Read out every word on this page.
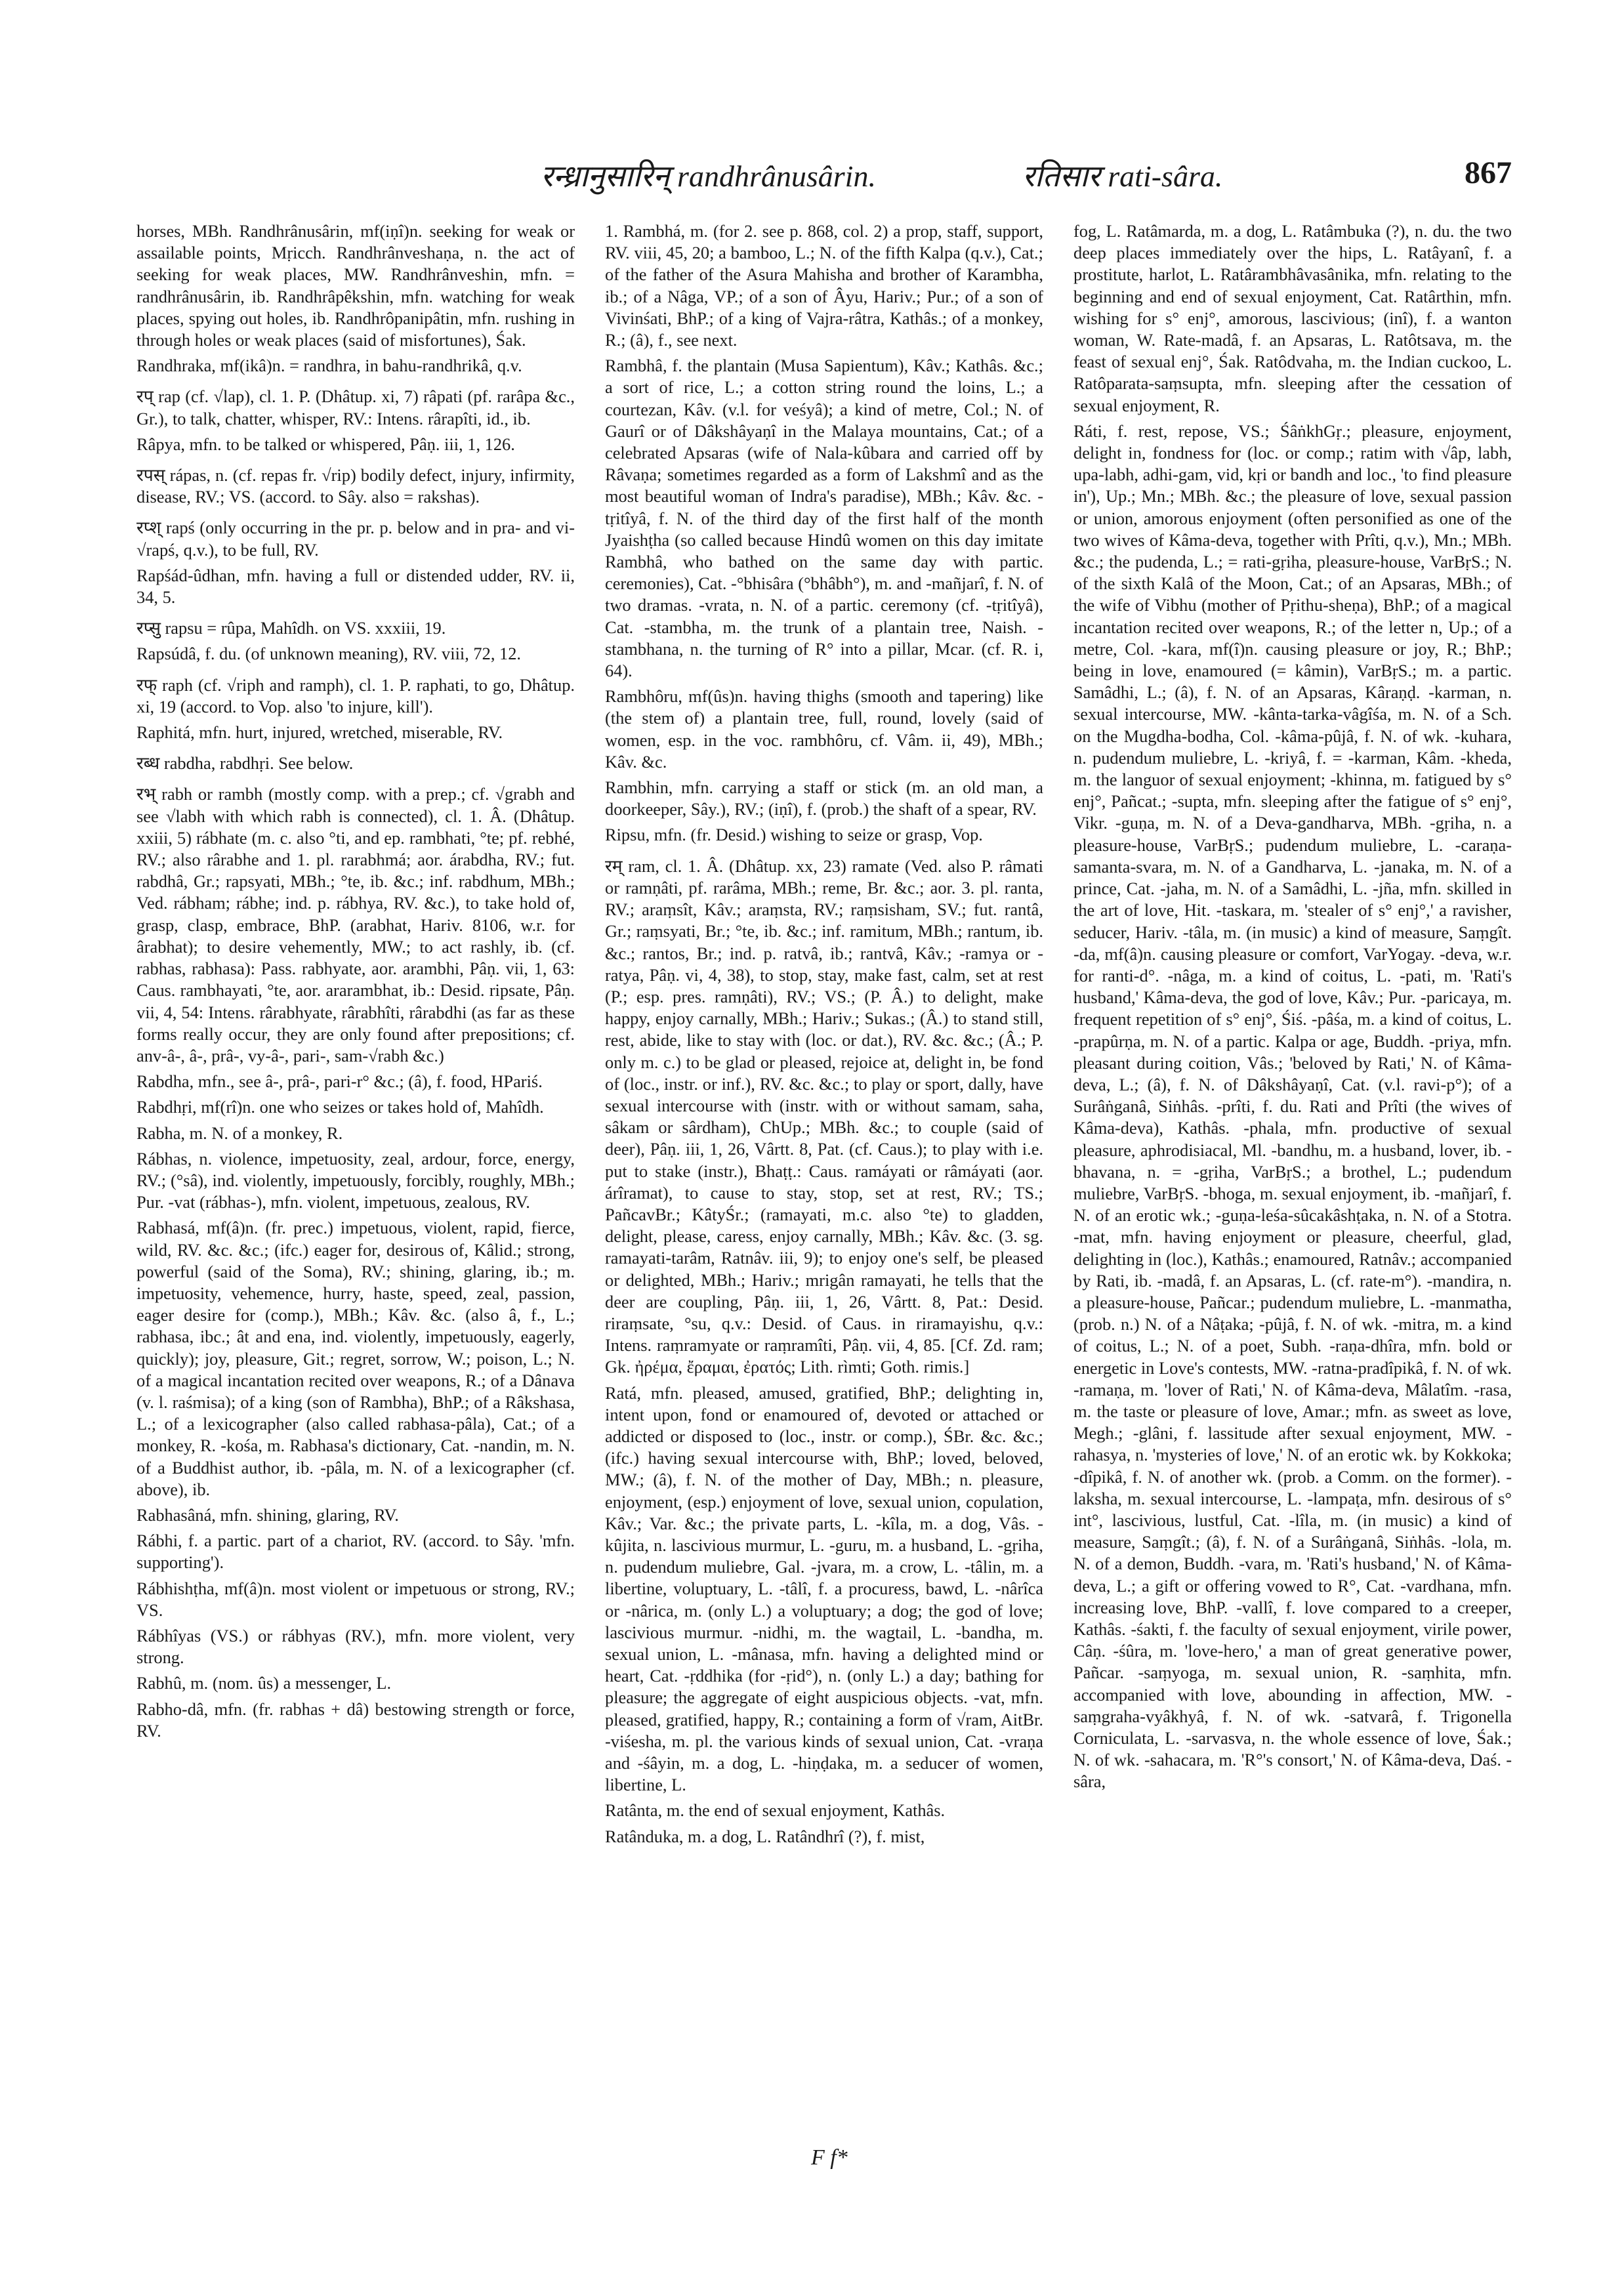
रन्ध्रानुसारिन् randhrânusârin.	रतिसार rati-sâra.	867

horses, MBh. Randhrânusârin, mf(iṇî)n. seeking for weak or assailable points, Mṛicch. Randhrânveshaṇa, n. the act of seeking for weak places, MW. Randhrânveshin, mfn. = randhrânusârin, ib. Randhrâpêkshin, mfn. watching for weak places, spying out holes, ib. Randhrôpanipâtin, mfn. rushing in through holes or weak places (said of misfortunes), Śak.

Randhraka, mf(ikâ)n. = randhra, in bahu-randhrikâ, q.v.

रप् rap (cf. √lap), cl. 1. P. (Dhâtup. xi, 7) râpati (pf. rarâpa &c., Gr.), to talk, chatter, whisper, RV.: Intens. rârapîti, id., ib.

Râpya, mfn. to be talked or whispered, Pâṇ. iii, 1, 126.

रपस् rápas, n. (cf. repas fr. √rip) bodily defect, injury, infirmity, disease, RV.; VS. (accord. to Sây. also = rakshas).

रप्श् rapś (only occurring in the pr. p. below and in pra- and vi-√rapś, q.v.), to be full, RV.

Rapśád-ûdhan, mfn. having a full or distended udder, RV. ii, 34, 5.

रप्सु rapsu = rûpa, Mahîdh. on VS. xxxiii, 19.

Rapsúdâ, f. du. (of unknown meaning), RV. viii, 72, 12.

रफ् raph (cf. √riph and ramph), cl. 1. P. raphati, to go, Dhâtup. xi, 19 (accord. to Vop. also 'to injure, kill').

Raphitá, mfn. hurt, injured, wretched, miserable, RV.

रब्ध rabdha, rabdhṛi. See below.

रभ् rabh or rambh (mostly comp. with a prep.; cf. √grabh and see √labh with which rabh is connected), cl. 1. Â. (Dhâtup. xxiii, 5) rábhate (m. c. also °ti, and ep. rambhati, °te; pf. rebhé, RV.; also rârabhe and 1. pl. rarabhmá; aor. árabdha, RV.; fut. rabdhâ, Gr.; rapsyati, MBh.; °te, ib. &c.; inf. rabdhum, MBh.; Ved. rábham; rábhe; ind. p. rábhya, RV. &c.), to take hold of, grasp, clasp, embrace, BhP. (arabhat, Hariv. 8106, w.r. for ârabhat); to desire vehemently, MW.; to act rashly, ib. (cf. rabhas, rabhasa): Pass. rabhyate, aor. arambhi, Pâṇ. vii, 1, 63: Caus. rambhayati, °te, aor. ararambhat, ib.: Desid. ripsate, Pâṇ. vii, 4, 54: Intens. rârabhyate, rârabhîti, rârabdhi (as far as these forms really occur, they are only found after prepositions; cf. anv-â-, â-, prâ-, vy-â-, pari-, sam-√rabh &c.)

Rabdha, mfn., see â-, prâ-, pari-r° &c.; (â), f. food, HPariś.

Rabdhṛi, mf(rî)n. one who seizes or takes hold of, Mahîdh.

Rabha, m. N. of a monkey, R.

Rábhas, n. violence, impetuosity, zeal, ardour, force, energy, RV.; (°sâ), ind. violently, impetuously, forcibly, roughly, MBh.; Pur. -vat (rábhas-), mfn. violent, impetuous, zealous, RV.

Rabhasá, mf(â)n. (fr. prec.) impetuous, violent, rapid, fierce, wild, RV. &c. &c.; (ifc.) eager for, desirous of, Kâlid.; strong, powerful (said of the Soma), RV.; shining, glaring, ib.; m. impetuosity, vehemence, hurry, haste, speed, zeal, passion, eager desire for (comp.), MBh.; Kâv. &c. (also â, f., L.; rabhasa, ibc.; ât and ena, ind. violently, impetuously, eagerly, quickly); joy, pleasure, Git.; regret, sorrow, W.; poison, L.; N. of a magical incantation recited over weapons, R.; of a Dânava (v. l. raśmisa); of a king (son of Rambha), BhP.; of a Râkshasa, L.; of a lexicographer (also called rabhasa-pâla), Cat.; of a monkey, R. -kośa, m. Rabhasa's dictionary, Cat. -nandin, m. N. of a Buddhist author, ib. -pâla, m. N. of a lexicographer (cf. above), ib.

Rabhasâná, mfn. shining, glaring, RV.

Rábhi, f. a partic. part of a chariot, RV. (accord. to Sây. 'mfn. supporting').

Rábhishṭha, mf(â)n. most violent or impetuous or strong, RV.; VS.

Rábhîyas (VS.) or rábhyas (RV.), mfn. more violent, very strong.

Rabhû, m. (nom. ûs) a messenger, L.

Rabho-dâ, mfn. (fr. rabhas + dâ) bestowing strength or force, RV.

1. Rambhá, m. (for 2. see p. 868, col. 2) a prop, staff, support, RV. viii, 45, 20; a bamboo, L.; N. of the fifth Kalpa (q.v.), Cat.; of the father of the Asura Mahisha and brother of Karambha, ib.; of a Nâga, VP.; of a son of Âyu, Hariv.; Pur.; of a son of Vivinśati, BhP.; of a king of Vajra-râtra, Kathâs.; of a monkey, R.; (â), f., see next.

Rambhâ, f. the plantain (Musa Sapientum), Kâv.; Kathâs. &c.; a sort of rice, L.; a cotton string round the loins, L.; a courtezan, Kâv. (v.l. for veśyâ); a kind of metre, Col.; N. of Gaurî or of Dâkshâyaṇî in the Malaya mountains, Cat.; of a celebrated Apsaras (wife of Nala-kûbara and carried off by Râvaṇa; sometimes regarded as a form of Lakshmî and as the most beautiful woman of Indra's paradise), MBh.; Kâv. &c. -tṛitîyâ, f. N. of the third day of the first half of the month Jyaishṭha (so called because Hindû women on this day imitate Rambhâ, who bathed on the same day with partic. ceremonies), Cat. -°bhisâra (°bhâbh°), m. and -mañjarî, f. N. of two dramas. -vrata, n. N. of a partic. ceremony (cf. -tṛitîyâ), Cat. -stambha, m. the trunk of a plantain tree, Naish. -stambhana, n. the turning of R° into a pillar, Mcar. (cf. R. i, 64).

Rambhôru, mf(ûs)n. having thighs (smooth and tapering) like (the stem of) a plantain tree, full, round, lovely (said of women, esp. in the voc. rambhôru, cf. Vâm. ii, 49), MBh.; Kâv. &c.

Rambhin, mfn. carrying a staff or stick (m. an old man, a doorkeeper, Sây.), RV.; (iṇî), f. (prob.) the shaft of a spear, RV.

Ripsu, mfn. (fr. Desid.) wishing to seize or grasp, Vop.

रम् ram, cl. 1. Â. (Dhâtup. xx, 23) ramate (Ved. also P. râmati or ramṇâti, pf. rarâma, MBh.; reme, Br. &c.; aor. 3. pl. ranta, RV.; araṃsît, Kâv.; araṃsta, RV.; raṃsisham, SV.; fut. rantâ, Gr.; raṃsyati, Br.; °te, ib. &c.; inf. ramitum, MBh.; rantum, ib. &c.; rantos, Br.; ind. p. ratvâ, ib.; rantvâ, Kâv.; -ramya or -ratya, Pâṇ. vi, 4, 38), to stop, stay, make fast, calm, set at rest (P.; esp. pres. ramṇâti), RV.; VS.; (P. Â.) to delight, make happy, enjoy carnally, MBh.; Hariv.; Sukas.; (Â.) to stand still, rest, abide, like to stay with (loc. or dat.), RV. &c. &c.; (Â.; P. only m. c.) to be glad or pleased, rejoice at, delight in, be fond of (loc., instr. or inf.), RV. &c. &c.; to play or sport, dally, have sexual intercourse with (instr. with or without samam, saha, sâkam or sârdham), ChUp.; MBh. &c.; to couple (said of deer), Pâṇ. iii, 1, 26, Vârtt. 8, Pat. (cf. Caus.); to play with i.e. put to stake (instr.), Bhaṭṭ.: Caus. ramáyati or râmáyati (aor. árîramat), to cause to stay, stop, set at rest, RV.; TS.; PañcavBr.; KâtyŚr.; (ramayati, m.c. also °te) to gladden, delight, please, caress, enjoy carnally, MBh.; Kâv. &c. (3. sg. ramayati-tarâm, Ratnâv. iii, 9); to enjoy one's self, be pleased or delighted, MBh.; Hariv.; mrigân ramayati, he tells that the deer are coupling, Pâṇ. iii, 1, 26, Vârtt. 8, Pat.: Desid. riraṃsate, °su, q.v.: Desid. of Caus. in riramayishu, q.v.: Intens. raṃramyate or raṃramîti, Pâṇ. vii, 4, 85. [Cf. Zd. ram; Gk. ἠρέμα, ἔραμαι, ἐρατός; Lith. rìmti; Goth. rimis.]

Ratá, mfn. pleased, amused, gratified, BhP.; delighting in, intent upon, fond or enamoured of, devoted or attached or addicted or disposed to (loc., instr. or comp.), ŚBr. &c. &c.; (ifc.) having sexual intercourse with, BhP.; loved, beloved, MW.; (â), f. N. of the mother of Day, MBh.; n. pleasure, enjoyment, (esp.) enjoyment of love, sexual union, copulation, Kâv.; Var. &c.; the private parts, L. -kîla, m. a dog, Vâs. -kûjita, n. lascivious murmur, L. -guru, m. a husband, L. -gṛiha, n. pudendum muliebre, Gal. -jvara, m. a crow, L. -tâlin, m. a libertine, voluptuary, L. -tâlî, f. a procuress, bawd, L. -nârîca or -nârica, m. (only L.) a voluptuary; a dog; the god of love; lascivious murmur. -nidhi, m. the wagtail, L. -bandha, m. sexual union, L. -mânasa, mfn. having a delighted mind or heart, Cat. -ṛddhika (for -ṛid°), n. (only L.) a day; bathing for pleasure; the aggregate of eight auspicious objects. -vat, mfn. pleased, gratified, happy, R.; containing a form of √ram, AitBr. -viśesha, m. pl. the various kinds of sexual union, Cat. -vraṇa and -śâyin, m. a dog, L. -hiṇḍaka, m. a seducer of women, libertine, L.

Ratânta, m. the end of sexual enjoyment, Kathâs.

Ratânduka, m. a dog, L. Ratândhrî (?), f. mist,

fog, L. Ratâmarda, m. a dog, L. Ratâmbuka (?), n. du. the two deep places immediately over the hips, L. Ratâyanî, f. a prostitute, harlot, L. Ratârambhâvasânika, mfn. relating to the beginning and end of sexual enjoyment, Cat. Ratârthin, mfn. wishing for s° enj°, amorous, lascivious; (inî), f. a wanton woman, W. Rate-madâ, f. an Apsaras, L. Ratôtsava, m. the feast of sexual enj°, Śak. Ratôdvaha, m. the Indian cuckoo, L. Ratôparata-saṃsupta, mfn. sleeping after the cessation of sexual enjoyment, R.

Ráti, f. rest, repose, VS.; ŚâṅkhGṛ.; pleasure, enjoyment, delight in, fondness for (loc. or comp.; ratim with √âp, labh, upa-labh, adhi-gam, vid, kṛi or bandh and loc., 'to find pleasure in'), Up.; Mn.; MBh. &c.; the pleasure of love, sexual passion or union, amorous enjoyment (often personified as one of the two wives of Kâma-deva, together with Prîti, q.v.), Mn.; MBh. &c.; the pudenda, L.; = rati-gṛiha, pleasure-house, VarBṛS.; N. of the sixth Kalâ of the Moon, Cat.; of an Apsaras, MBh.; of the wife of Vibhu (mother of Pṛithu-sheṇa), BhP.; of a magical incantation recited over weapons, R.; of the letter n, Up.; of a metre, Col. -kara, mf(î)n. causing pleasure or joy, R.; BhP.; being in love, enamoured (= kâmin), VarBṛS.; m. a partic. Samâdhi, L.; (â), f. N. of an Apsaras, Kâraṇḍ. -karman, n. sexual intercourse, MW. -kânta-tarka-vâgîśa, m. N. of a Sch. on the Mugdha-bodha, Col. -kâma-pûjâ, f. N. of wk. -kuhara, n. pudendum muliebre, L. -kriyâ, f. = -karman, Kâm. -kheda, m. the languor of sexual enjoyment; -khinna, m. fatigued by s° enj°, Pañcat.; -supta, mfn. sleeping after the fatigue of s° enj°, Vikr. -guṇa, m. N. of a Deva-gandharva, MBh. -gṛiha, n. a pleasure-house, VarBṛS.; pudendum muliebre, L. -caraṇa-samanta-svara, m. N. of a Gandharva, L. -janaka, m. N. of a prince, Cat. -jaha, m. N. of a Samâdhi, L. -jña, mfn. skilled in the art of love, Hit. -taskara, m. 'stealer of s° enj°,' a ravisher, seducer, Hariv. -tâla, m. (in music) a kind of measure, Saṃgît. -da, mf(â)n. causing pleasure or comfort, VarYogay. -deva, w.r. for ranti-d°. -nâga, m. a kind of coitus, L. -pati, m. 'Rati's husband,' Kâma-deva, the god of love, Kâv.; Pur. -paricaya, m. frequent repetition of s° enj°, Śiś. -pâśa, m. a kind of coitus, L. -prapûrṇa, m. N. of a partic. Kalpa or age, Buddh. -priya, mfn. pleasant during coition, Vâs.; 'beloved by Rati,' N. of Kâma-deva, L.; (â), f. N. of Dâkshâyaṇî, Cat. (v.l. ravi-p°); of a Surâṅganâ, Siṅhâs. -prîti, f. du. Rati and Prîti (the wives of Kâma-deva), Kathâs. -phala, mfn. productive of sexual pleasure, aphrodisiacal, Ml. -bandhu, m. a husband, lover, ib. -bhavana, n. = -gṛiha, VarBṛS.; a brothel, L.; pudendum muliebre, VarBṛS. -bhoga, m. sexual enjoyment, ib. -mañjarî, f. N. of an erotic wk.; -guṇa-leśa-sûcakâshṭaka, n. N. of a Stotra. -mat, mfn. having enjoyment or pleasure, cheerful, glad, delighting in (loc.), Kathâs.; enamoured, Ratnâv.; accompanied by Rati, ib. -madâ, f. an Apsaras, L. (cf. rate-m°). -mandira, n. a pleasure-house, Pañcar.; pudendum muliebre, L. -manmatha, (prob. n.) N. of a Nâṭaka; -pûjâ, f. N. of wk. -mitra, m. a kind of coitus, L.; N. of a poet, Subh. -raṇa-dhîra, mfn. bold or energetic in Love's contests, MW. -ratna-pradîpikâ, f. N. of wk. -ramaṇa, m. 'lover of Rati,' N. of Kâma-deva, Mâlatîm. -rasa, m. the taste or pleasure of love, Amar.; mfn. as sweet as love, Megh.; -glâni, f. lassitude after sexual enjoyment, MW. -rahasya, n. 'mysteries of love,' N. of an erotic wk. by Kokkoka; -dîpikâ, f. N. of another wk. (prob. a Comm. on the former). -laksha, m. sexual intercourse, L. -lampaṭa, mfn. desirous of s° int°, lascivious, lustful, Cat. -lîla, m. (in music) a kind of measure, Saṃgît.; (â), f. N. of a Surâṅganâ, Siṅhâs. -lola, m. N. of a demon, Buddh. -vara, m. 'Rati's husband,' N. of Kâma-deva, L.; a gift or offering vowed to R°, Cat. -vardhana, mfn. increasing love, BhP. -vallî, f. love compared to a creeper, Kathâs. -śakti, f. the faculty of sexual enjoyment, virile power, Câṇ. -śûra, m. 'love-hero,' a man of great generative power, Pañcar. -saṃyoga, m. sexual union, R. -saṃhita, mfn. accompanied with love, abounding in affection, MW. -saṃgraha-vyâkhyâ, f. N. of wk. -satvarâ, f. Trigonella Corniculata, L. -sarvasva, n. the whole essence of love, Śak.; N. of wk. -sahacara, m. 'R°'s consort,' N. of Kâma-deva, Daś. -sâra,

F f*
